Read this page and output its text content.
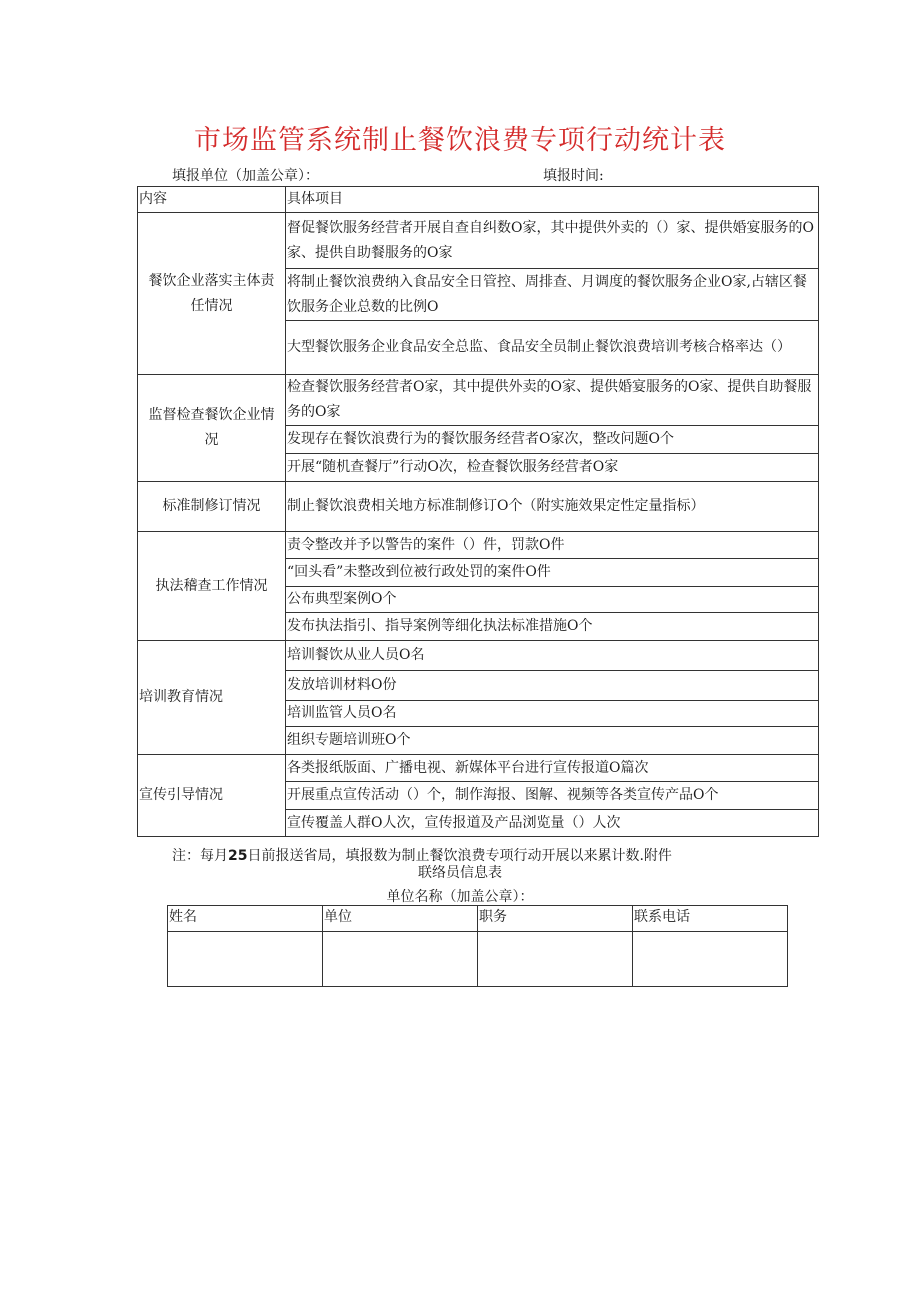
市场监管系统制止餐饮浪费专项行动统计表
填报单位（加盖公章）：	填报时间:
内容	具体项目
餐饮企业落实主体责任情况	督促餐饮服务经营者开展自查自纠数O家，其中提供外卖的（）家、提供婚宴服务的O家、提供自助餐服务的O家
	将制止餐饮浪费纳入食品安全日管控、周排查、月调度的餐饮服务企业O家,占辖区餐饮服务企业总数的比例O
	大型餐饮服务企业食品安全总监、食品安全员制止餐饮浪费培训考核合格率达（）
监督检查餐饮企业情况	检查餐饮服务经营者O家，其中提供外卖的O家、提供婚宴服务的O家、提供自助餐服务的O家
	发现存在餐饮浪费行为的餐饮服务经营者O家次，整改问题O个
	开展“随机查餐厅”行动O次，检查餐饮服务经营者O家
标准制修订情况	制止餐饮浪费相关地方标准制修订O个（附实施效果定性定量指标）
执法稽查工作情况	责令整改并予以警告的案件（）件，罚款O件
	“回头看”未整改到位被行政处罚的案件O件
	公布典型案例O个
	发布执法指引、指导案例等细化执法标准措施O个
培训教育情况	培训餐饮从业人员O名
	发放培训材料O份
	培训监管人员O名
	组织专题培训班O个
宣传引导情况	各类报纸版面、广播电视、新媒体平台进行宣传报道O篇次
	开展重点宣传活动（）个，制作海报、图解、视频等各类宣传产品O个
	宣传覆盖人群O人次，宣传报道及产品浏览量（）人次
注：每月25日前报送省局，填报数为制止餐饮浪费专项行动开展以来累计数.附件
联络员信息表
单位名称（加盖公章）：
姓名	单位	职务	联系电话
